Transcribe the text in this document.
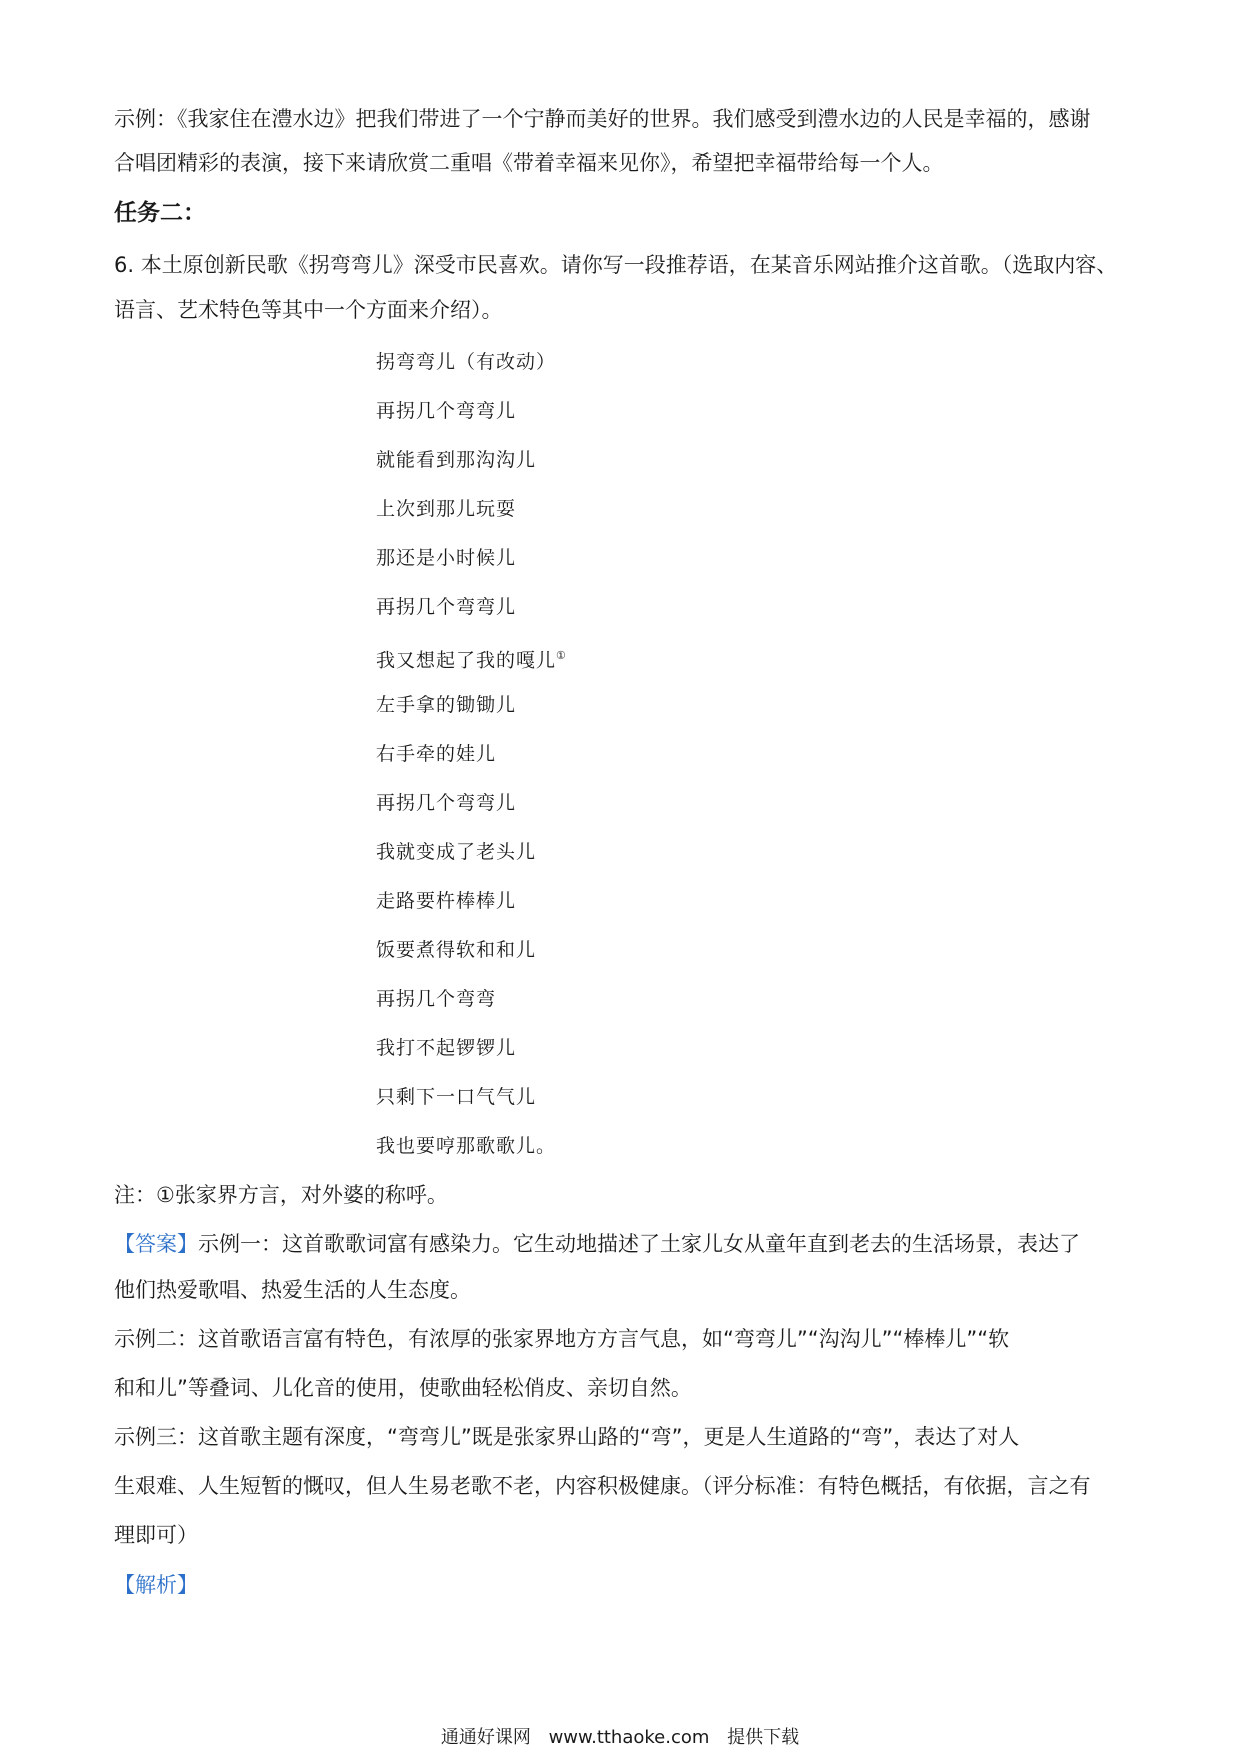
示例：《我家住在澧水边》把我们带进了一个宁静而美好的世界。我们感受到澧水边的人民是幸福的，感谢
合唱团精彩的表演，接下来请欣赏二重唱《带着幸福来见你》，希望把幸福带给每一个人。
任务二：
6. 本土原创新民歌《拐弯弯儿》深受市民喜欢。请你写一段推荐语，在某音乐网站推介这首歌。（选取内容、
语言、艺术特色等其中一个方面来介绍）。
拐弯弯儿（有改动）
再拐几个弯弯儿
就能看到那沟沟儿
上次到那儿玩耍
那还是小时候儿
再拐几个弯弯儿
我又想起了我的嘎儿①
左手拿的锄锄儿
右手牵的娃儿
再拐几个弯弯儿
我就变成了老头儿
走路要杵棒棒儿
饭要煮得软和和儿
再拐几个弯弯
我打不起锣锣儿
只剩下一口气气儿
我也要哼那歌歌儿。
注：①张家界方言，对外婆的称呼。
【答案】示例一：这首歌歌词富有感染力。它生动地描述了土家儿女从童年直到老去的生活场景，表达了
他们热爱歌唱、热爱生活的人生态度。
示例二：这首歌语言富有特色，有浓厚的张家界地方方言气息，如“弯弯儿”“沟沟儿”“棒棒儿”“软
和和儿”等叠词、儿化音的使用，使歌曲轻松俏皮、亲切自然。
示例三：这首歌主题有深度，“弯弯儿”既是张家界山路的“弯”，更是人生道路的“弯”，表达了对人
生艰难、人生短暂的慨叹，但人生易老歌不老，内容积极健康。（评分标准：有特色概括，有依据，言之有
理即可）
【解析】
通通好课网 www.tthaoke.com 提供下载
